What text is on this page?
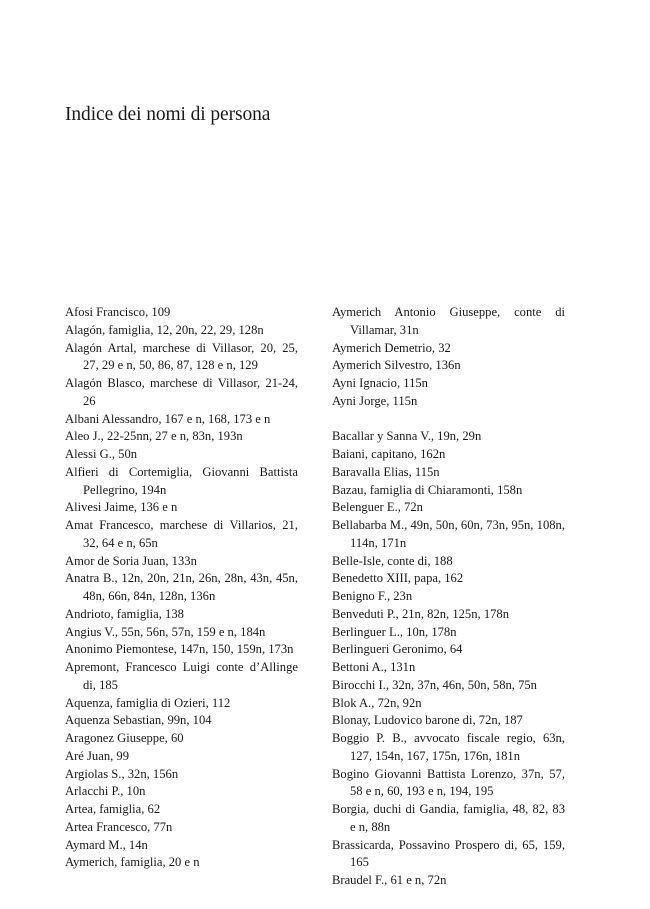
Indice dei nomi di persona

Afosi Francisco, 109

Alagón, famiglia, 12, 20n, 22, 29, 128n

Alagón Artal, marchese di Villasor, 20, 25, 27, 29 e n, 50, 86, 87, 128 e n, 129

Alagón Blasco, marchese di Villasor, 21-24, 26

Albani Alessandro, 167 e n, 168, 173 e n

Aleo J., 22-25nn, 27 e n, 83n, 193n

Alessi G., 50n

Alfieri di Cortemiglia, Giovanni Battista Pellegrino, 194n

Alivesi Jaime, 136 e n

Amat Francesco, marchese di Villarios, 21, 32, 64 e n, 65n

Amor de Soria Juan, 133n

Anatra B., 12n, 20n, 21n, 26n, 28n, 43n, 45n, 48n, 66n, 84n, 128n, 136n

Andrioto, famiglia, 138

Angius V., 55n, 56n, 57n, 159 e n, 184n

Anonimo Piemontese, 147n, 150, 159n, 173n

Apremont, Francesco Luigi conte d’Allinge di, 185

Aquenza, famiglia di Ozieri, 112

Aquenza Sebastian, 99n, 104

Aragonez Giuseppe, 60

Aré Juan, 99

Argiolas S., 32n, 156n

Arlacchi P., 10n

Artea, famiglia, 62

Artea Francesco, 77n

Aymard M., 14n

Aymerich, famiglia, 20 e n

Aymerich Antonio Giuseppe, conte di Villamar, 31n

Aymerich Demetrio, 32

Aymerich Silvestro, 136n

Ayni Ignacio, 115n

Ayni Jorge, 115n

Bacallar y Sanna V., 19n, 29n

Baiani, capitano, 162n

Baravalla Elias, 115n

Bazau, famiglia di Chiaramonti, 158n

Belenguer E., 72n

Bellabarba M., 49n, 50n, 60n, 73n, 95n, 108n, 114n, 171n

Belle-Isle, conte di, 188

Benedetto XIII, papa, 162

Benigno F., 23n

Benveduti P., 21n, 82n, 125n, 178n

Berlinguer L., 10n, 178n

Berlingueri Geronimo, 64

Bettoni A., 131n

Birocchi I., 32n, 37n, 46n, 50n, 58n, 75n

Blok A., 72n, 92n

Blonay, Ludovico barone di, 72n, 187

Boggio P. B., avvocato fiscale regio, 63n, 127, 154n, 167, 175n, 176n, 181n

Bogino Giovanni Battista Lorenzo, 37n, 57, 58 e n, 60, 193 e n, 194, 195

Borgia, duchi di Gandia, famiglia, 48, 82, 83 e n, 88n

Brassicarda, Possavino Prospero di, 65, 159, 165

Braudel F., 61 e n, 72n
